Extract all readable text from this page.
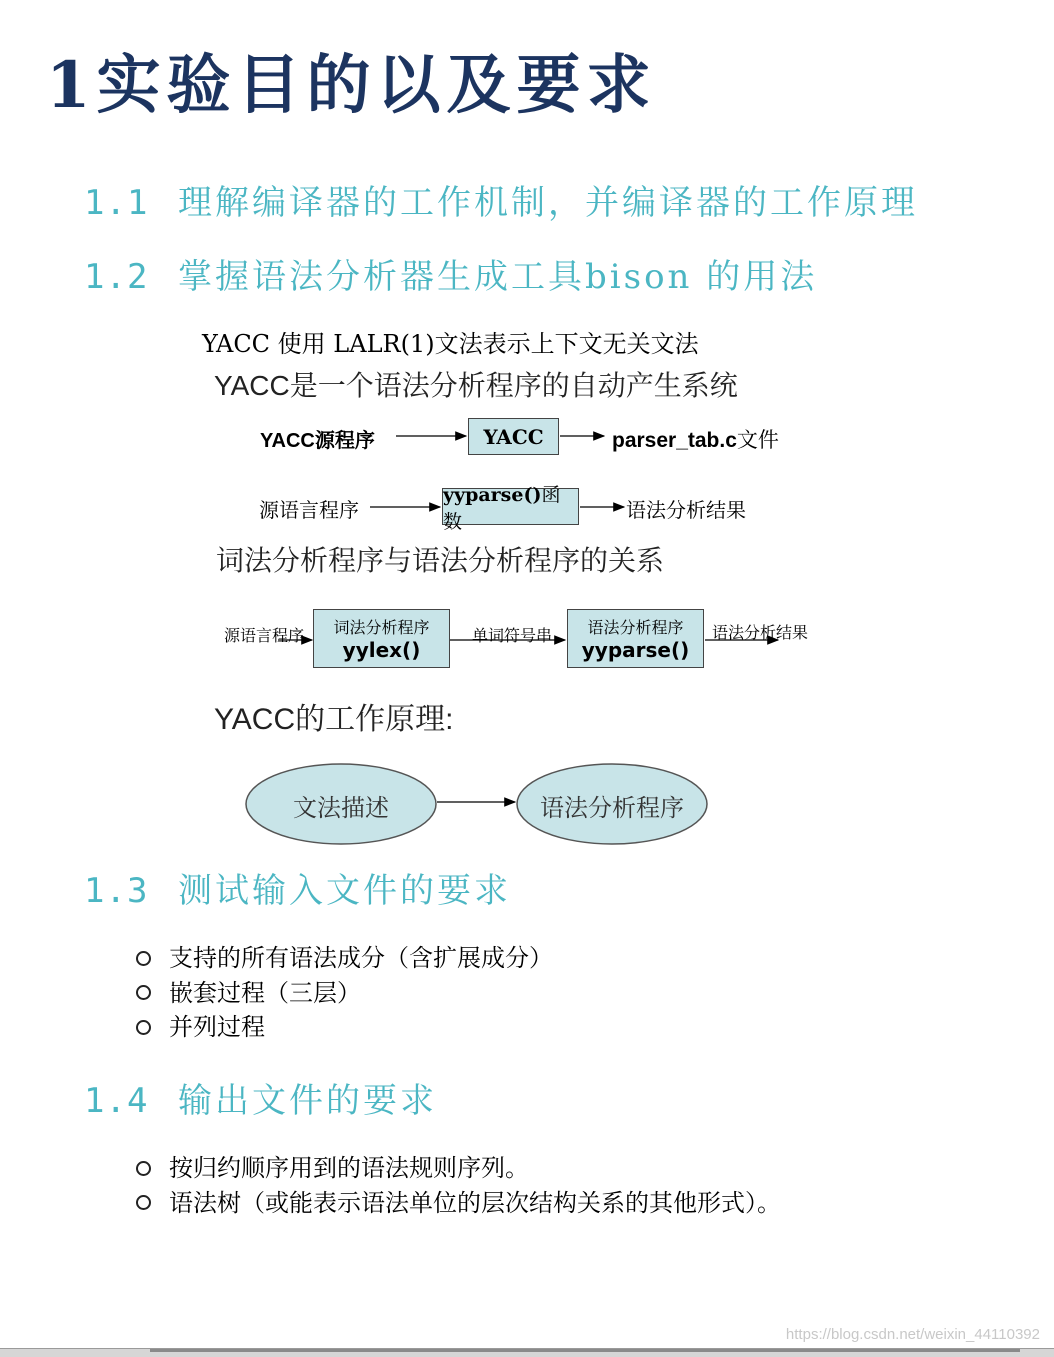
1实验目的以及要求
1.1 理解编译器的工作机制，并编译器的工作原理
1.2 掌握语法分析器生成工具bison 的用法
YACC 使用 LALR(1)文法表示上下文无关文法
YACC是一个语法分析程序的自动产生系统
YACC源程序	YACC	parser_tab.c文件
源语言程序
yyparse()函数	语法分析结果
词法分析程序与语法分析程序的关系
源语言程序 词法分析程序
yylex()
单词符号串 语法分析程序
yyparse()
语法分析结果
YACC的工作原理:
文法描述	语法分析程序
1.3 测试输入文件的要求
支持的所有语法成分（含扩展成分）
嵌套过程（三层）
并列过程
1.4 输出文件的要求
按归约顺序用到的语法规则序列。
语法树（或能表示语法单位的层次结构关系的其他形式）。
https://blog.csdn.net/weixin_44110392
